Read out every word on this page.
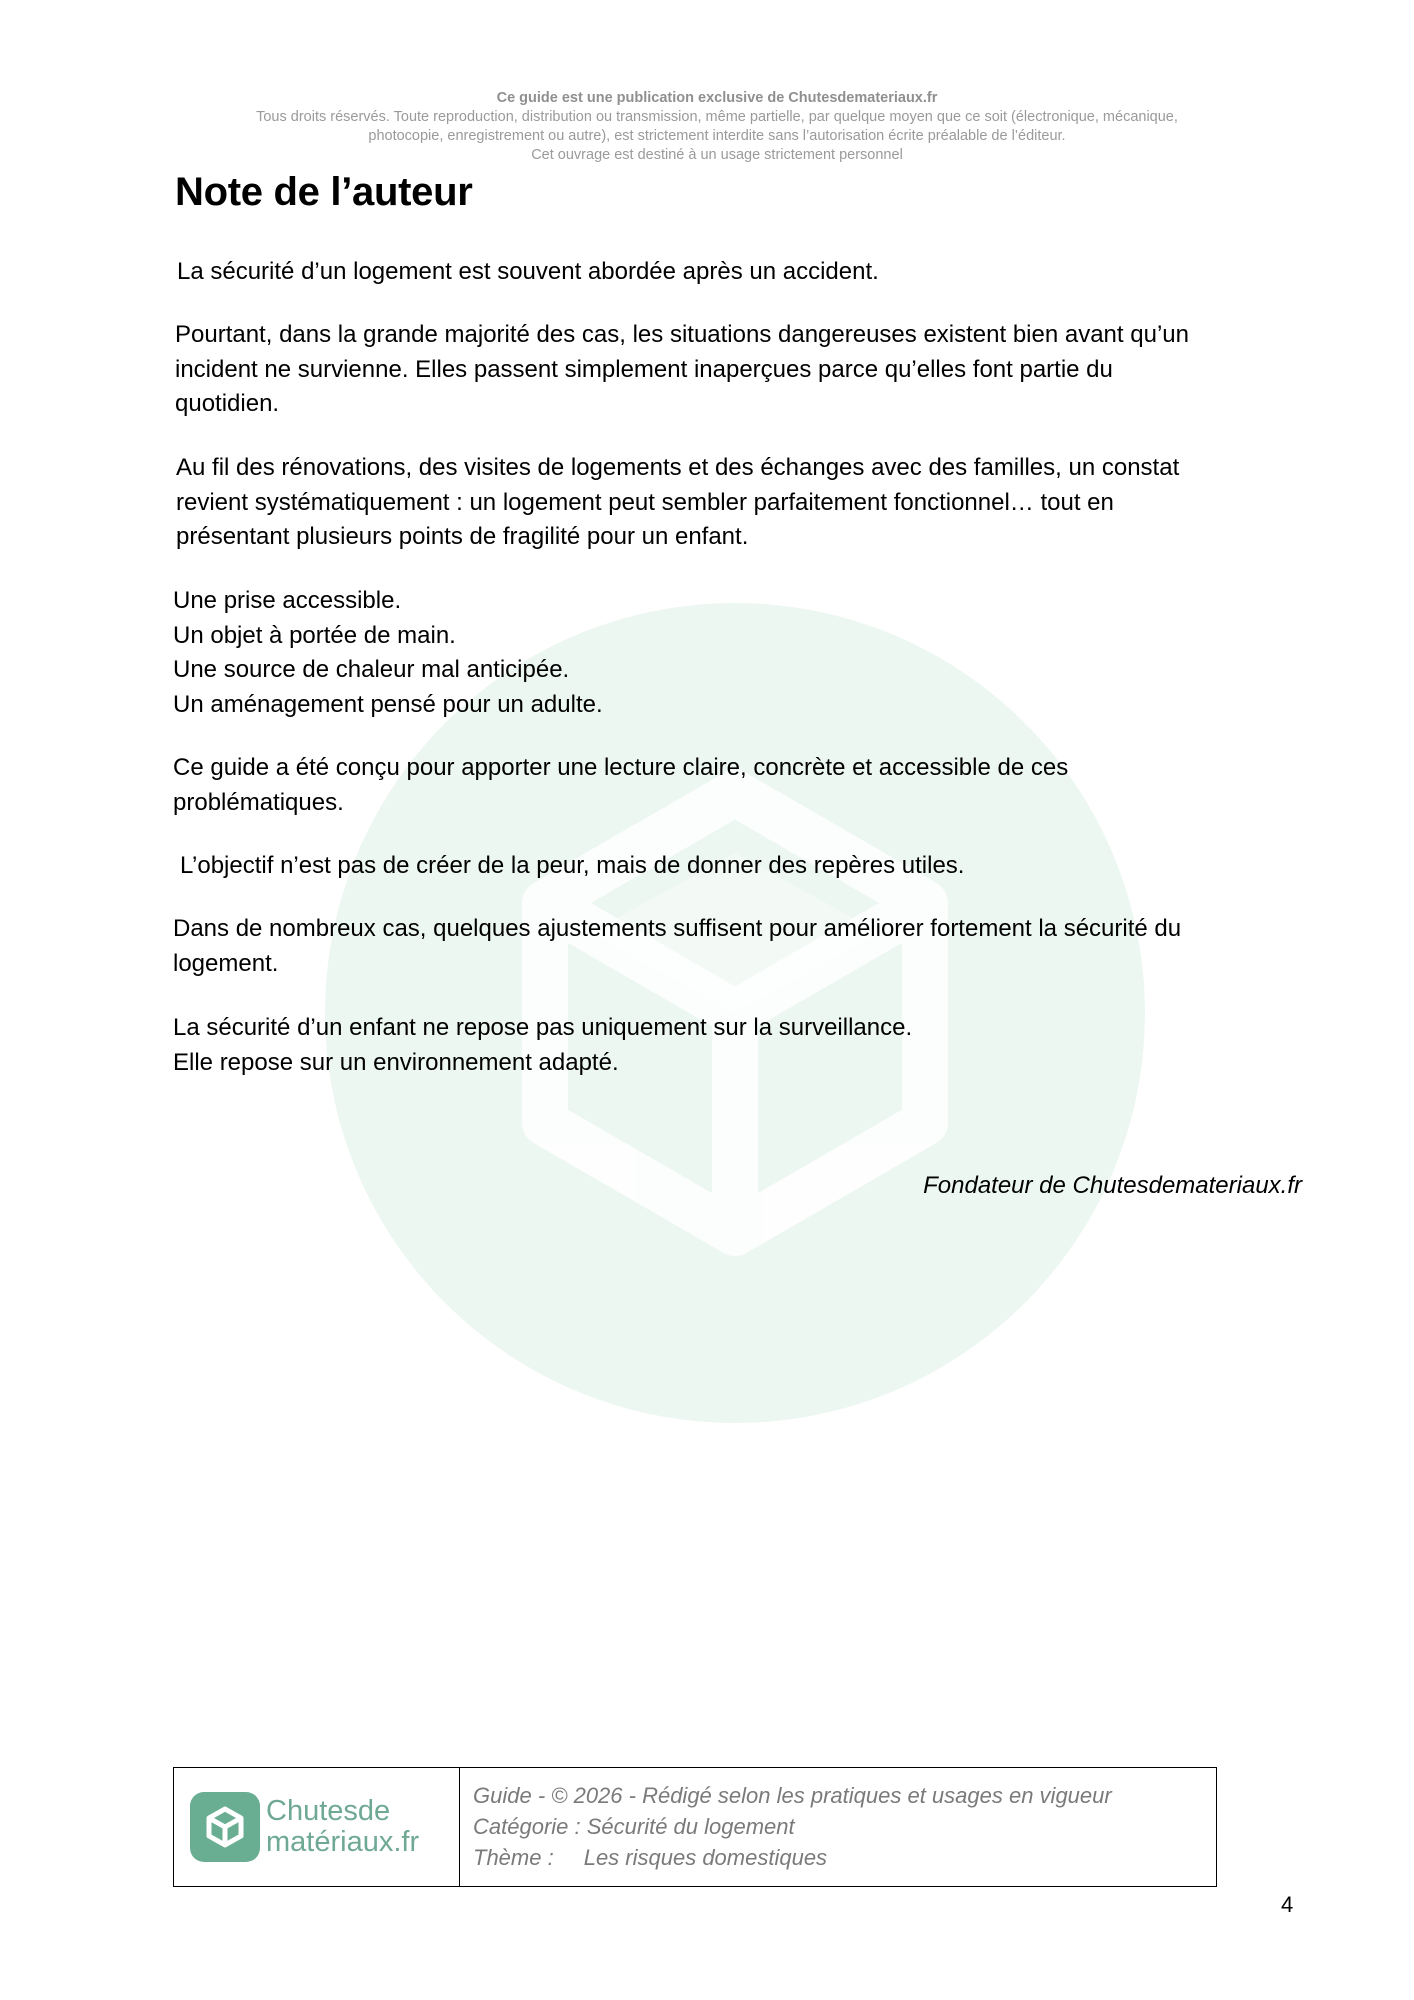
Ce guide est une publication exclusive de Chutesdemateriaux.fr
Tous droits réservés. Toute reproduction, distribution ou transmission, même partielle, par quelque moyen que ce soit (électronique, mécanique,
photocopie, enregistrement ou autre), est strictement interdite sans l’autorisation écrite préalable de l’éditeur.
Cet ouvrage est destiné à un usage strictement personnel
Note de l’auteur

La sécurité d’un logement est souvent abordée après un accident.

Pourtant, dans la grande majorité des cas, les situations dangereuses existent bien avant qu’un
incident ne survienne. Elles passent simplement inaperçues parce qu’elles font partie du
quotidien.

Au fil des rénovations, des visites de logements et des échanges avec des familles, un constat
revient systématiquement : un logement peut sembler parfaitement fonctionnel… tout en
présentant plusieurs points de fragilité pour un enfant.

Une prise accessible.
Un objet à portée de main.
Une source de chaleur mal anticipée.
Un aménagement pensé pour un adulte.

Ce guide a été conçu pour apporter une lecture claire, concrète et accessible de ces
problématiques.

L’objectif n’est pas de créer de la peur, mais de donner des repères utiles.

Dans de nombreux cas, quelques ajustements suffisent pour améliorer fortement la sécurité du
logement.

La sécurité d’un enfant ne repose pas uniquement sur la surveillance.
Elle repose sur un environnement adapté.

Fondateur de Chutesdemateriaux.fr

Chutesde
matériaux.fr
Guide - © 2026 - Rédigé selon les pratiques et usages en vigueur
Catégorie : Sécurité du logement
Thème : Les risques domestiques
4
